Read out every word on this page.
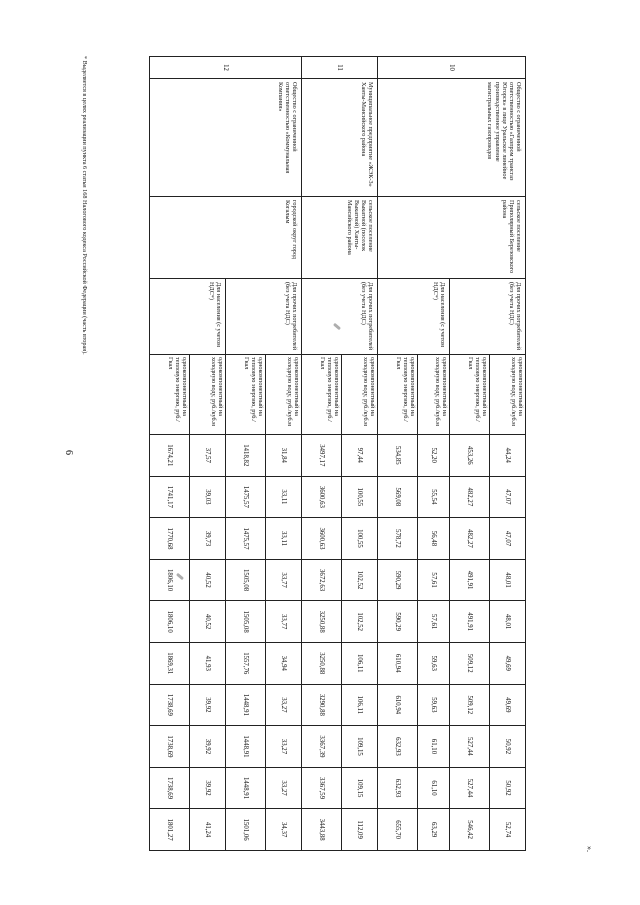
6
10	Общество с ограниченной ответственностью «Газпром трансгаз Югорск» в лице Уральское линейное производственное управление магистральных газопроводов	сельское поселение Приполярный Березовского района	Для прочих потребителей (без учета НДС)	однокомпонентный на холодную воду, руб./куб.м	44,24	47,07	47,07	48,01	48,01	49,69	49,69	50,92	50,92	52,74
				однокомпонентный на тепловую энергию, руб./ Гкал	453,26	482,27	482,27	491,91	491,91	509,12	509,12	527,44	527,44	546,42
			Для населения (с учетом НДС*)	однокомпонентный на холодную воду, руб./куб.м	52,20	55,54	56,48	57,61	57,61	59,63	59,63	61,10	61,10	63,29
				однокомпонентный на тепловую энергию, руб./Гкал	534,85	569,08	578,72	590,29	590,29	610,94	610,94	632,93	632,93	655,70
11	Муниципальное предприятие «ЖЭК-3» Ханты-Мансийского района	сельское поселение Выкатной (поселок Выкатной) Ханты-Мансийского района	Для прочих потребителей (без учета НДС)	однокомпонентный на холодную воду, руб./куб.м	97,44	100,55	100,55	102,52	102,52	106,11	106,11	109,15	109,15	112,09
				однокомпонентный на тепловую энергию, руб./Гкал	3497,17	3600,63	3600,63	3672,63	3250,88	3250,88	3290,88	3367,39	3367,59	3443,88
12	Общество с ограниченной ответственностью «Коммунальная Компания»	городской округ город Когалым	Для прочих потребителей (без учета НДС)	однокомпонентный на холодную воду, руб./куб.м	31,84	33,11	33,11	33,77	33,77	34,94	33,27	33,27	33,27	34,37
				однокомпонентный на тепловую энергию, руб./Гкал	1418,82	1475,57	1475,57	1505,08	1505,08	1557,76	1448,91	1448,91	1448,91	1501,06
			Для населения (с учетом НДС*)	однокомпонентный на холодную воду, руб./куб.м	37,57	39,03	39,73	40,52	40,52	41,93	39,92	39,92	39,92	41,24
				однокомпонентный на тепловую энергию, руб./Гкал	1674,21	1741,17	1770,68	1806,10	1806,10	1869,31	1738,69	1738,69	1738,69	1801,27
* Выделяется в целях реализации пункта 6 статьи 168 Налогового кодекса Российской Федерации (часть вторая).
».
